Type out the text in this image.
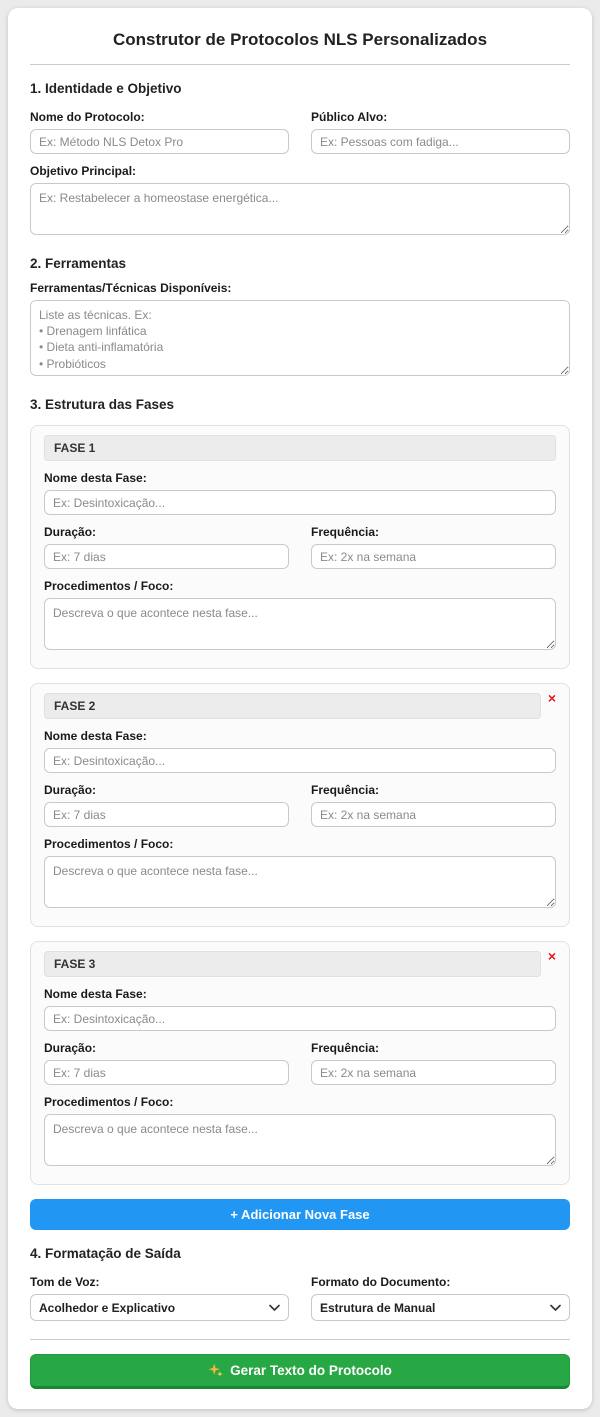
Construtor de Protocolos NLS Personalizados
1. Identidade e Objetivo
Nome do Protocolo:
Ex: Método NLS Detox Pro	Público Alvo:
Ex: Pessoas com fadiga...
Objetivo Principal:
Ex: Restabelecer a homeostase energética...
2. Ferramentas
Ferramentas/Técnicas Disponíveis:
Liste as técnicas. Ex: • Drenagem linfática • Dieta anti-inflamatória • Probióticos • Acupuntura
3. Estrutura das Fases
FASE 1
Nome desta Fase:
Ex: Desintoxicação...
Duração:
Ex: 7 dias	Frequência:
Ex: 2x na semana
Procedimentos / Foco:
Descreva o que acontece nesta fase...
FASE 2	×
Nome desta Fase:
Ex: Desintoxicação...
Duração:
Ex: 7 dias	Frequência:
Ex: 2x na semana
Procedimentos / Foco:
Descreva o que acontece nesta fase...
FASE 3	×
Nome desta Fase:
Ex: Desintoxicação...
Duração:
Ex: 7 dias	Frequência:
Ex: 2x na semana
Procedimentos / Foco:
Descreva o que acontece nesta fase...
+ Adicionar Nova Fase
4. Formatação de Saída
Tom de Voz:
Acolhedor e Explicativo	Formato do Documento:
Estrutura de Manual
Gerar Texto do Protocolo
